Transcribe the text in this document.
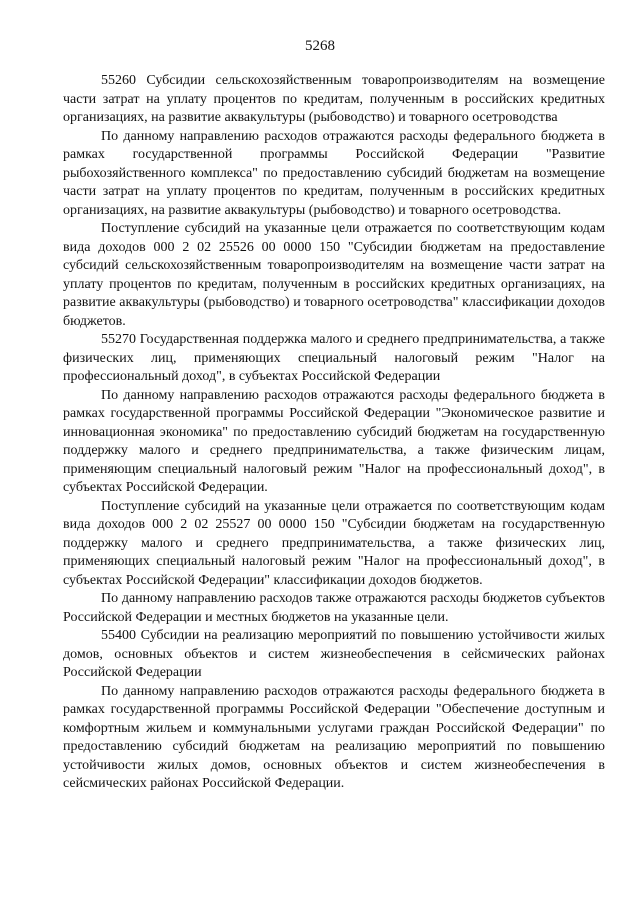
5268

55260 Субсидии сельскохозяйственным товаропроизводителям на возмещение части затрат на уплату процентов по кредитам, полученным в российских кредитных организациях, на развитие аквакультуры (рыбоводство) и товарного осетроводства

По данному направлению расходов отражаются расходы федерального бюджета в рамках государственной программы Российской Федерации "Развитие рыбохозяйственного комплекса" по предоставлению субсидий бюджетам на возмещение части затрат на уплату процентов по кредитам, полученным в российских кредитных организациях, на развитие аквакультуры (рыбоводство) и товарного осетроводства.

Поступление субсидий на указанные цели отражается по соответствующим кодам вида доходов 000 2 02 25526 00 0000 150 "Субсидии бюджетам на предоставление субсидий сельскохозяйственным товаропроизводителям на возмещение части затрат на уплату процентов по кредитам, полученным в российских кредитных организациях, на развитие аквакультуры (рыбоводство) и товарного осетроводства" классификации доходов бюджетов.

55270 Государственная поддержка малого и среднего предпринимательства, а также физических лиц, применяющих специальный налоговый режим "Налог на профессиональный доход", в субъектах Российской Федерации

По данному направлению расходов отражаются расходы федерального бюджета в рамках государственной программы Российской Федерации "Экономическое развитие и инновационная экономика" по предоставлению субсидий бюджетам на государственную поддержку малого и среднего предпринимательства, а также физическим лицам, применяющим специальный налоговый режим "Налог на профессиональный доход", в субъектах Российской Федерации.

Поступление субсидий на указанные цели отражается по соответствующим кодам вида доходов 000 2 02 25527 00 0000 150 "Субсидии бюджетам на государственную поддержку малого и среднего предпринимательства, а также физических лиц, применяющих специальный налоговый режим "Налог на профессиональный доход", в субъектах Российской Федерации" классификации доходов бюджетов.

По данному направлению расходов также отражаются расходы бюджетов субъектов Российской Федерации и местных бюджетов на указанные цели.

55400 Субсидии на реализацию мероприятий по повышению устойчивости жилых домов, основных объектов и систем жизнеобеспечения в сейсмических районах Российской Федерации

По данному направлению расходов отражаются расходы федерального бюджета в рамках государственной программы Российской Федерации "Обеспечение доступным и комфортным жильем и коммунальными услугами граждан Российской Федерации" по предоставлению субсидий бюджетам на реализацию мероприятий по повышению устойчивости жилых домов, основных объектов и систем жизнеобеспечения в сейсмических районах Российской Федерации.
